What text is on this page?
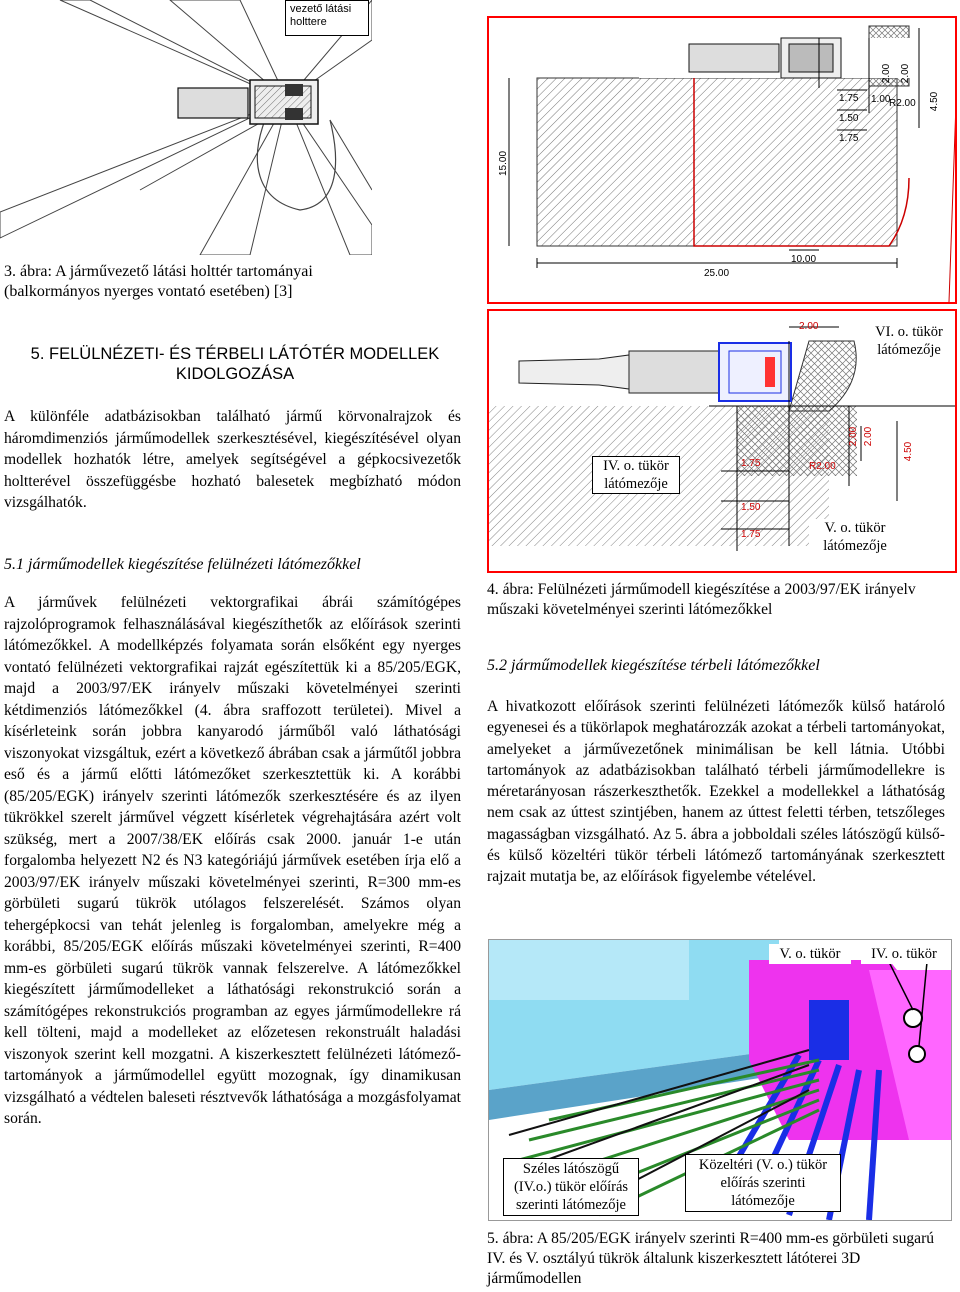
vezető látási holttere
3. ábra: A járművezető látási holttér tartományai (balkormányos nyerges vontató esetében) [3]
5. FELÜLNÉZETI- ÉS TÉRBELI LÁTÓTÉR MODELLEK KIDOLGOZÁSA
A különféle adatbázisokban található jármű körvonalrajzok és háromdimenziós járműmodellek szerkesztésével, kiegészítésével olyan modellek hozhatók létre, amelyek segítségével a gépkocsivezetők holtterével összefüggésbe hozható balesetek megbízható módon vizsgálhatók.
5.1 járműmodellek kiegészítése felülnézeti látómezőkkel
A járművek felülnézeti vektorgrafikai ábrái számítógépes rajzolóprogramok felhasználásával kiegészíthetők az előírások szerinti látómezőkkel. A modellképzés folyamata során elsőként egy nyerges vontató felülnézeti vektorgrafikai rajzát egészítettük ki a 85/205/EGK, majd a 2003/97/EK irányelv műszaki követelményei szerinti kétdimenziós látómezőkkel (4. ábra sraffozott területei). Mivel a kísérleteink során jobbra kanyarodó járműből való láthatósági viszonyokat vizsgáltuk, ezért a következő ábrában csak a járműtől jobbra eső és a jármű előtti látómezőket szerkesztettük ki. A korábbi (85/205/EGK) irányelv szerinti látómezők szerkesztésére és az ilyen tükrökkel szerelt járművel végzett kísérletek végrehajtására azért volt szükség, mert a 2007/38/EK előírás csak 2000. január 1-e után forgalomba helyezett N2 és N3 kategóriájú járművek esetében írja elő a 2003/97/EK irányelv műszaki követelményei szerinti, R=300 mm-es görbületi sugarú tükrök utólagos felszerelését. Számos olyan tehergépkocsi van tehát jelenleg is forgalomban, amelyekre még a korábbi, 85/205/EGK előírás műszaki követelményei szerinti, R=400 mm-es görbületi sugarú tükrök vannak felszerelve. A látómezőkkel kiegészített járműmodelleket a láthatósági rekonstrukció során a számítógépes rekonstrukciós programban az egyes járműmodellekre rá kell tölteni, majd a modelleket az előzetesen rekonstruált haladási viszonyok szerint kell mozgatni. A kiszerkesztett felülnézeti látómező-tartományok a járműmodellel együtt mozognak, így dinamikusan vizsgálható a védtelen baleseti résztvevők láthatósága a mozgásfolyamat során.
2.00 2.00
1.75 1.00
R2.00 4.50
1.50
1.75
15.00
25.00
10.00
2.00
2.00
1.75	R2.00
4.50
1.50
1.75
2.00
VI. o. tükör látómezője
IV. o. tükör látómezője
V. o. tükör látómezője
4. ábra: Felülnézeti járműmodell kiegészítése a 2003/97/EK irányelv műszaki követelményei szerinti látómezőkkel
5.2 járműmodellek kiegészítése térbeli látómezőkkel
A hivatkozott előírások szerinti felülnézeti látómezők külső határoló egyenesei és a tükörlapok meghatározzák azokat a térbeli tartományokat, amelyeket a járművezetőnek minimálisan be kell látnia. Utóbbi tartományok az adatbázisokban található térbeli járműmodellekre is méretarányosan rászerkeszthetők. Ezekkel a modellekkel a láthatóság nem csak az úttest szintjében, hanem az úttest feletti térben, tetszőleges magasságban vizsgálható. Az 5. ábra a jobboldali széles látószögű külső- és külső közeltéri tükör térbeli látómező tartományának szerkesztett rajzait mutatja be, az előírások figyelembe vételével.
V. o. tükör	IV. o. tükör
Széles látószögű (IV.o.) tükör előírás szerinti látómezője
Közeltéri (V. o.) tükör előírás szerinti látómezője
5. ábra: A 85/205/EGK irányelv szerinti R=400 mm-es görbületi sugarú IV. és V. osztályú tükrök általunk kiszerkesztett látóterei 3D járműmodellen
